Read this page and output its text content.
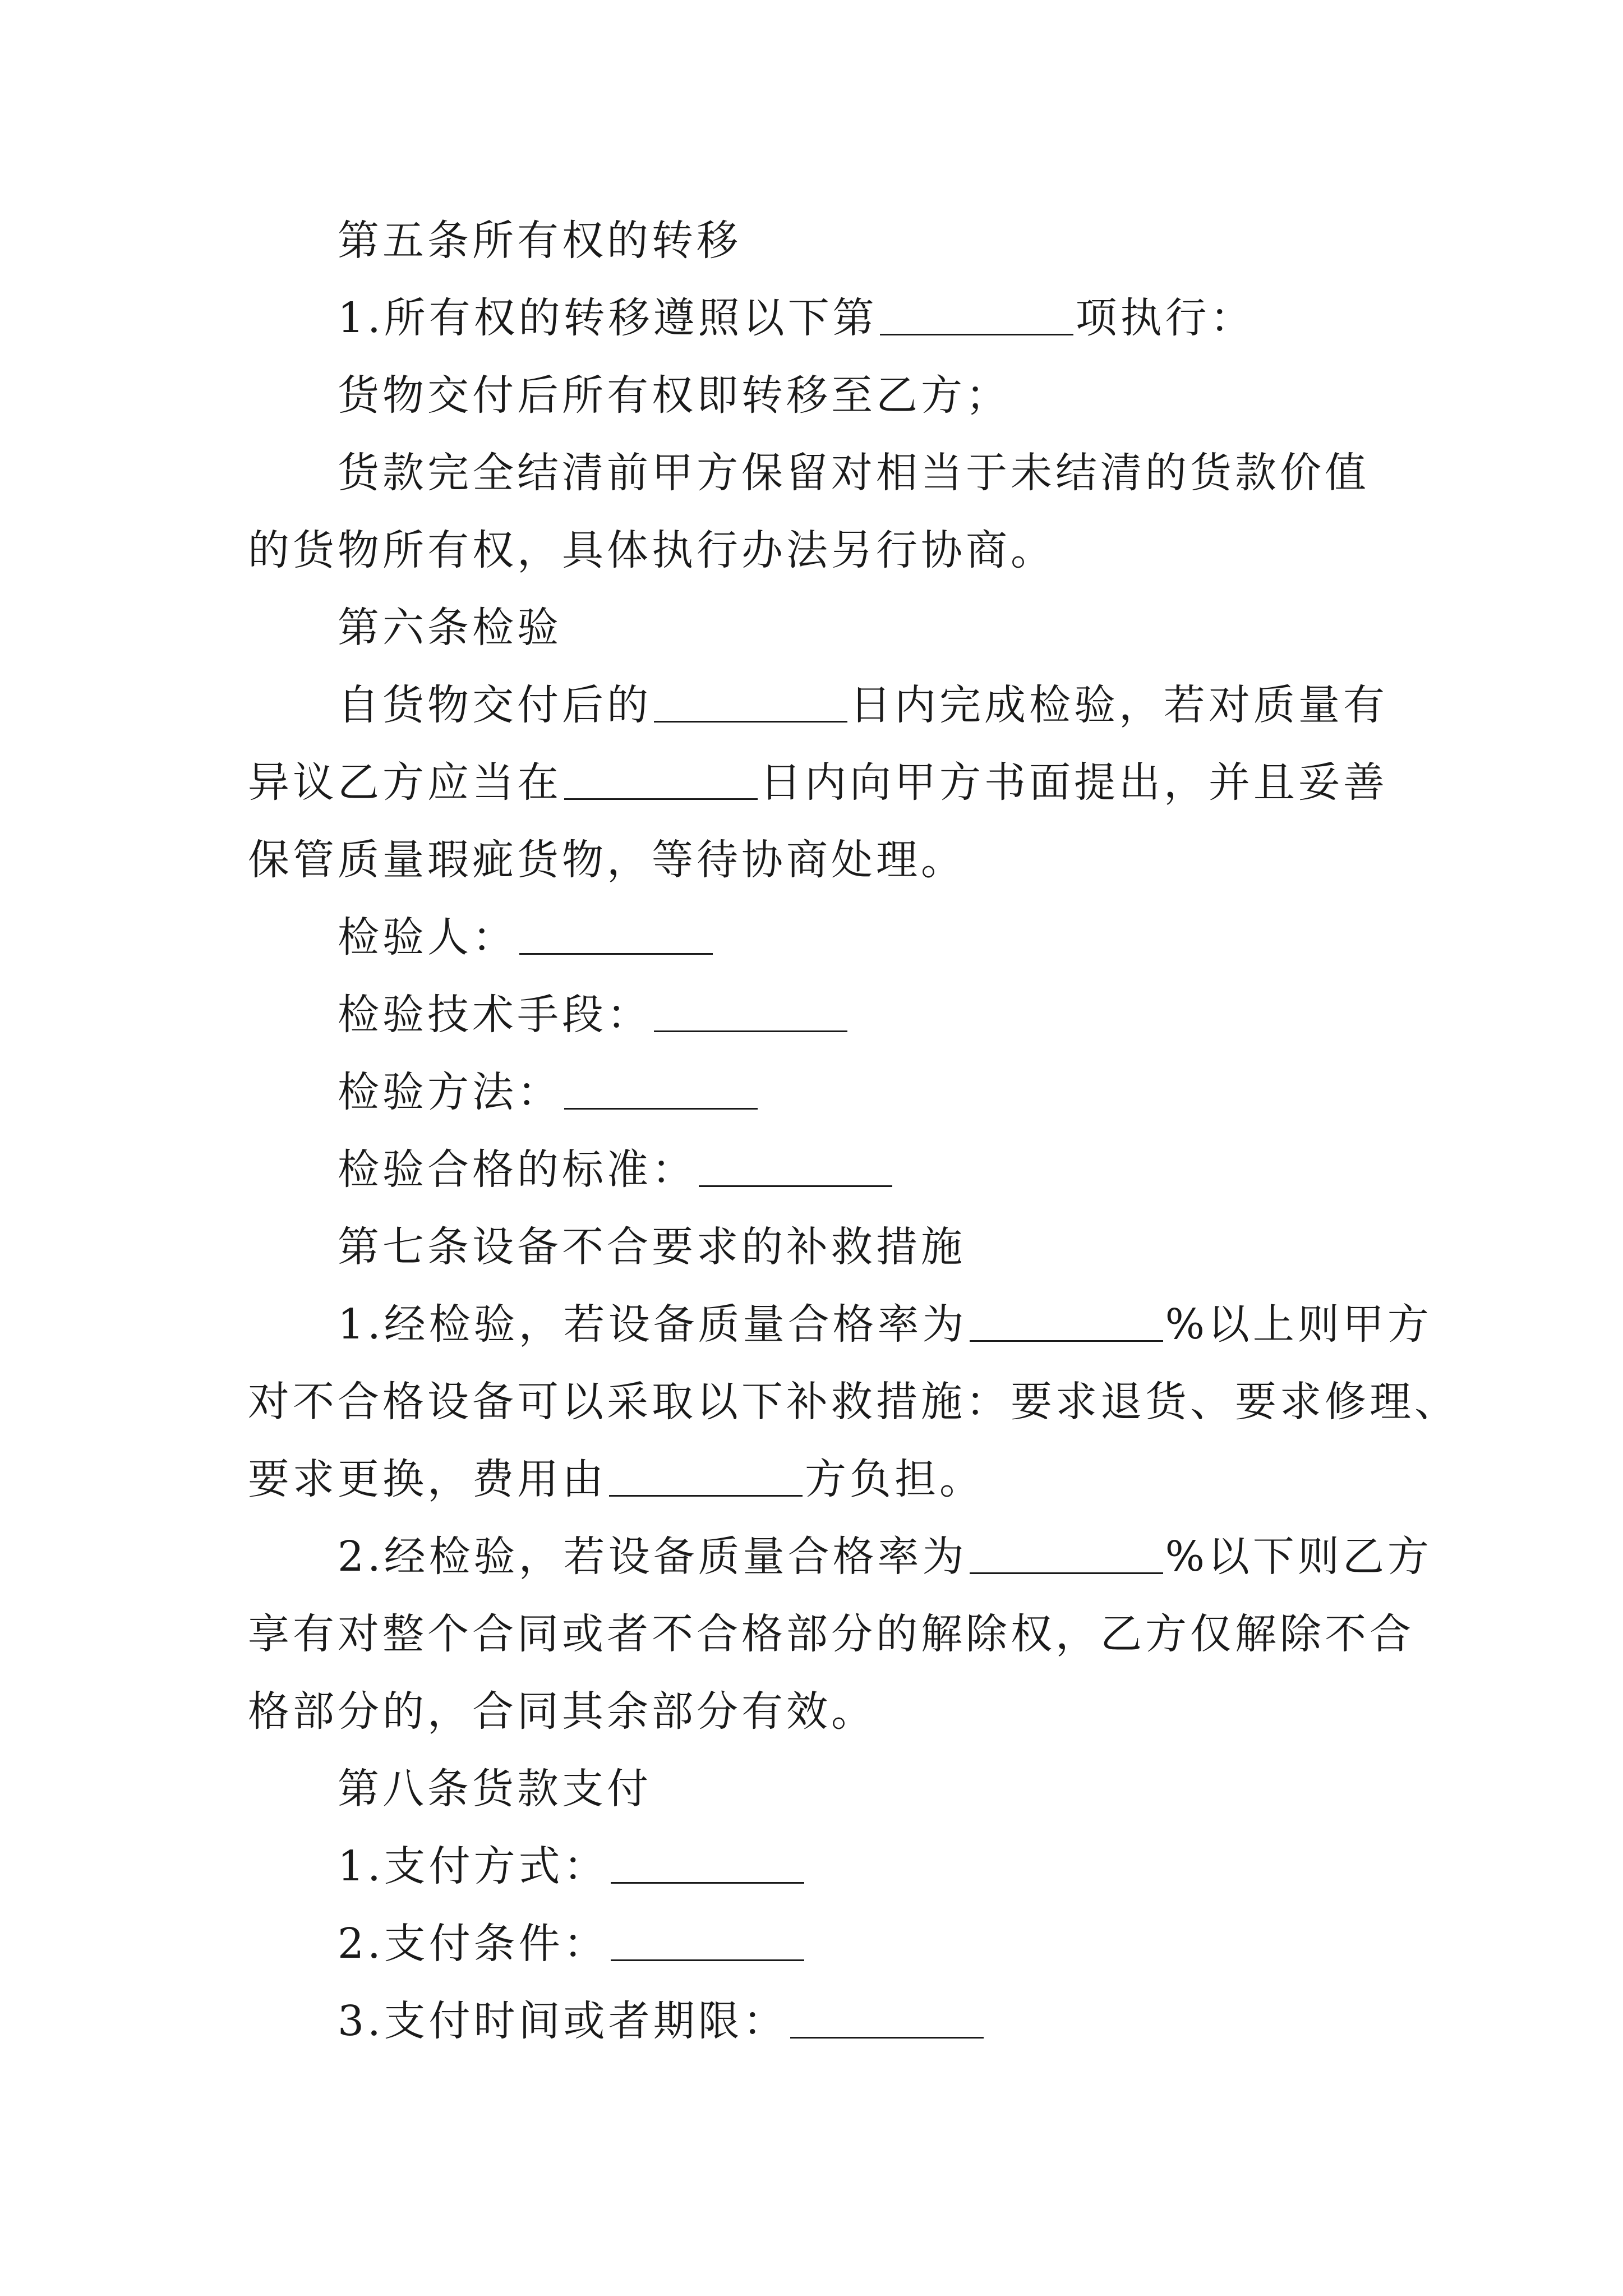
第五条所有权的转移
1.所有权的转移遵照以下第	项执行：
货物交付后所有权即转移至乙方；
货款完全结清前甲方保留对相当于未结清的货款价值
的货物所有权，具体执行办法另行协商。
第六条检验
自货物交付后的	日内完成检验，若对质量有
异议乙方应当在	日内向甲方书面提出，并且妥善
保管质量瑕疵货物，等待协商处理。
检验人：
检验技术手段：
检验方法：
检验合格的标准：
第七条设备不合要求的补救措施
1.经检验，若设备质量合格率为	%以上则甲方
对不合格设备可以采取以下补救措施：要求退货、要求修理、
要求更换，费用由	方负担。
2.经检验，若设备质量合格率为	%以下则乙方
享有对整个合同或者不合格部分的解除权，乙方仅解除不合
格部分的，合同其余部分有效。
第八条货款支付
1.支付方式：
2.支付条件：
3.支付时间或者期限：
